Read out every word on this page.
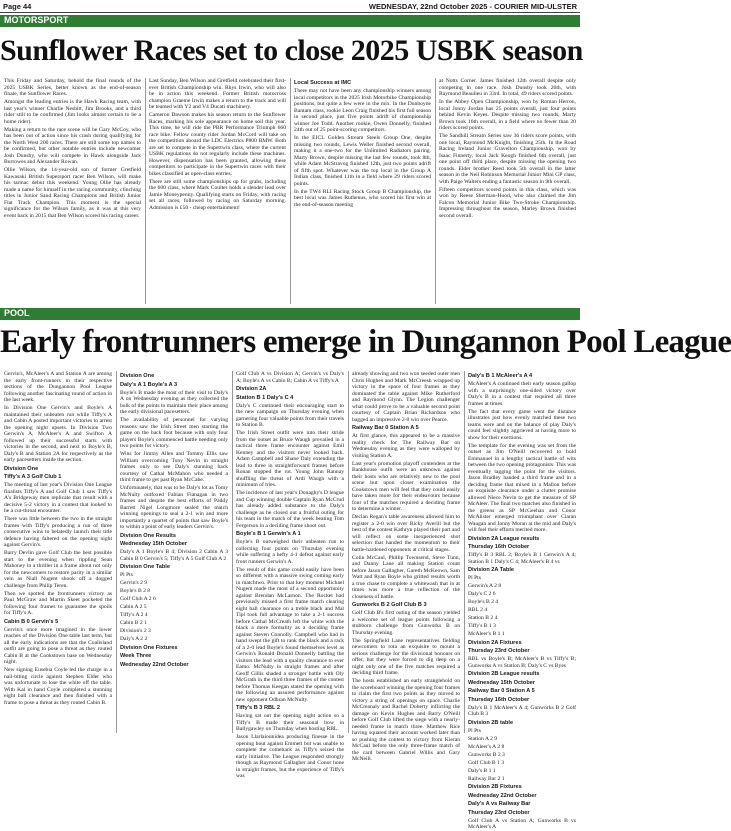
Page 44	WEDNESDAY, 22nd October 2025 - COURIER MID-ULSTER
MOTORSPORT
Sunflower Races set to close 2025 USBK season

This Friday and Saturday, behold the final rounds of the 2025 USBK Series, better known as the end-of-season finale, the Sunflower Races.

Amongst the leading entries is the Hawk Racing team, with last year's winner Charlie Nesbitt, Jim Brooks, and a third rider still to be confirmed (Jim looks almost certain to be a home rider).

Making a return to the race scene will be Gary McCoy, who has been out of action since his crash during qualifying for the North West 200 races. There are still some top names to be confirmed, but other notable entries include newcomer Josh Dunsby, who will compete in Hawk alongside Jack Burrowes and Alexander Rowan.

Ollie Wilson, the 14-year-old son of former Gretfield Kawasaki British Supersport racer Ben Wilson, will make his tarmac debut this weekend. Young Ollie has already made a name for himself in the racing community, clinching titles in Junior Sand Racing Champions and British Junior Flat Track Champion. This moment is the special significance for the Wilson family, as it was at this very event back in 2015 that Ben Wilson scored his racing career.

Last Sunday, Ben Wilson and Gretfield celebrated their first-ever British Championship win. Rhys Irwin, who will also be in action this weekend. Former British motocross champion Graeme Irwin makes a return to the track and will be teamed with Y2 and V4 Ducati machinery.

Cameron Dawson makes his season return to the Sunflower Races, marking his sole appearance on home soil this year. This time, he will ride the PBR Performance Triumph 660 race bike. Fellow county rider Jordan McCord will take on the competition aboard the LDC Electrics P800 BMW. Both are set to compete in the Supertwin class, where the current USBK regulations do not regularly include these machines. However, dispensation has been granted, allowing these competitors to participate in the Supertwin races with their bikes classified as open-class entries.

There are still some championships up for grabs, including the 600 class, where Mark Coulter holds a slender lead over Jamie Moneypenny. Qualifying starts on Friday, with racing set all races, followed by racing on Saturday morning. Admission is £50 - cheap entertainment!

Local Success at IMC

There may not have been any championship winners among local competitors in the 2025 Irish Motorbike Championship positions, but quite a few were in the mix. In the Dunboyne Bantam class, rookie Leon Craig finished his first full season in second place, just five points adrift of championship winner Joe Todd. Another rookie, Owen Donnelly, finished 24th out of 25 point-scoring competitors.

In the EICL Golden Stream Steels Group One, despite missing two rounds, Lewis Weller finished second overall, making it a one-two for the Unlimited Radiators pairing. Marty Brown, despite missing the last few rounds, took 8th, while Adam McStravog finished 12th, just two points adrift of fifth spot. Whatever was the top local in the Group A Indian class, finished 11th in a field where 29 riders scored points.

In the TW4 RLI Racing Stock Group B Championship, the best local was James Ruthenus, who scored his first win at the end-of-season meeting

at Notts Corner. James finished 12th overall despite only competing in one race. Josh Dunsby took 26th, with Raymond Beaulieu in 33rd. In total, 49 riders scored points.

In the Abbey Open Championship, won by Roman Herron, local Jonny Jordan has 25 points overall, just four points behind Kevin Keyes. Despite missing two rounds, Marty Brown took 16th overall, in a field where no fewer than 20 riders scored points.

The Sandhill Stream Series saw 36 riders score points, with one local, Raymond McKnight, finishing 25th. In the Road Racing Ireland Junior Gravelton Championship, won by Isaac Finnerty, local Jack Keogh finished 6th overall, just one point off third place, despite missing the opening two rounds. Elder brother Reed took 5th overall in the latter season in the Neil Robinson Memorial Junior Mini GP class, with Paige Walters ending a fantastic season in 9th overall.

Fifteen competitors scored points in this class, which was won by Reese Sherman-Hood, who also claimed the Jim Falcon Memorial Junior Bike Two-Stroke Championship. Impressing throughout the season, Marley Brown finished second overall.

POOL
Early frontrunners emerge in Dungannon Pool League

Gervin's, McAleer's A and Station A are among the early front-runners in their respective sections of the Dungannon Pool League following another fascinating round of action in the last week.

In Division One Gervin's and Boyle's A maintained their unbeaten run while Tiffy's A and Cabin A posted important victories to arrest the opening night upsets. In Division Two Gerwin's A, McAleer's A and Swifton A followed up their successful starts with victories in the second, and next to Boyle's B, Daly's B and Station 2A for respectively as the early pacesetters inside the section.

Division One

Tiffy's A 3 Golf Club 1

The meeting of last year's Division One League finalists Tiffy's A and Golf Club 1 saw Tiffy's A's Bridgeway men replicate that result with a decisive 5-2 victory in a contest that looked to be a cut-throat encounter.

There was little between the two in the straight frames with Tiffy's producing a run of three consecutive wins to belatedly launch their title defence having faltered on the opening night against Gervin's.

Barry Devlin gave Golf Club the best possible start to the evening when rippling Sean Mahoney in a thriller in a frame about not only for the newcomers to restore parity in a similar vein as Niall Nugent shook off a dogged challenge from Philip Teren.

Then we spotted the frontrunners victory as Paul McGraw and Martin Skeet pocketed the following four frames to guarantee the spoils for Tiffy's A.

Cabin B 0 Gervin's 5

Gervin's once more imagined in the lower reaches of the Division One table last term, but all the early indications are that the Coalisland outfit are going to pose a threat as they routed Cabin B at the Cookstown base on Wednesday night.

New signing Eusebia Coyle led the charge in a nail-biting circle against Stephen Elder who was unfortunate to lose the white off the table. With Kal in hand Coyle completed a stunning eight ball clearance and then finished with a frame to pose a threat as they routed Cabin B.

Division One

Daly's A 1 Boyle's A 3

Boyle's B made the most of their visit to Daly's A on Wednesday evening as they collected the bulk of the points to maintain their place among the early divisional pacesetters.

The availability of personnel for varying reasons saw the Irish Street men starting the game on the back foot because with only four players Boyle's commenced battle needing only two points for victory.

Wins for Jimmy Allen and Tommy Ellis saw William overcoming Tony Nevin in straight frames only to see Daly's stunning back courtesy of Cathal McMahon who needed a third frame to get past Ryan McCabe.

Unfortunately, that was to be Daly's lot as Tomy McNulty outfoxed Fabian Flanagan in two frames and despite the best efforts of Paddy Barrett Nigel Longmore sealed the match winning openings to seal a 2-1 win and more importantly a quartet of points that saw Boyle's to within a point of early leaders Gervin's.

Division One Results

Wednesday 15th October

Daly's A 1 Boyle's B 4; Division 2 Cabin A 3 Cabin B 0 Gervin's 5; Tiffy's A 5 Golf Club A 2

Division One Table

Pl Pts

Gervin's 2 9

Boyle's B 2 8

Golf Club A 2 6

Cabin A 2 5

Tiffy's A 2 4

Cabin B 2 1

Division's 2 3

Daly's A 2 2

Division One Fixtures

Week Three

Wednesday 22nd October

Golf Club A vs Division A; Gervin's vs Daly's A; Boyle's A vs Cabin B; Cabin A vs Tiffy's A

Division 2A

Station B 1 Daly's C 4

Daly's C continued their encouraging start to the new campaign on Thursday evening when garnering four valuable points from their travels to Station B.

The Irish Street outfit were into their stride from the outset as Bruce Waugh prevailed in a tactical three frame encounter against Emil Kenney and the visitors never looked back. Adam Campbell and Shane Daly extending the lead to three in straightforward frames before Ronan stopped the rot. Young John Rannay shuffling the threat of Ardi Waugh with a minimum of tries.

The incidence of last year's Donaghy's D league and Cup winning double Captain Ryan McCrud has already added substance to the Daly's challenge as he closed out a fruitful outing for his team in the match of the week beating Tom Fergerson in a deciding frame shoot out.

Boyle's B 1 Gerwin's A 1

Boyle's B outweighed their unbeaten run to collecting four points on Thursday evening while suffering a hefty 4-1 defeat against early front runners Gerwin's A.

The result of this game could easily have been so different with a massive swing coming early in matchtwo. Prior to that key moment Michael Nugent made the most of a second opportunity against Brendan McLarnon. The Rocket had previously missed a first frame match clearing eight ball clearance on a treble black and Mal Tipi took full advantage to take a 2-1 success before Cathal McCreath left the white with the black a mere formality as a deciding frame against Steven Connolly. Campbell who had in hand swept the gift to rank the black and a rack of a 2-0 lead Boyle's found themselves level as Gerwin's Ronald Donald Donnelly battling the visitors the lead with a quality clearance to ever Eamo. McNulty in straight frames and after Geoff Gillis shaded a stronger battle with Oly McGrath in the third three frames of the contest before Thomas Keegan stated the opening with the following an assured performance against new opponent Odhran McNulty.

Tiffy's B 3 RBL 2

Having sat out the opening night action so a Tiffy's B made their seasonal bow in Ballygawley on Thursday when hosting RBL.

Jason Llarlaiounidea producing finesse in the opening bout against Emmett but was unable to complete the comeback as Tiffy's seized the early initiative. The League responded strongly though as Raymond Gallagher and Conor hone in straight frames, but the experience of Tiffy's was

already showing and two won seeded outer men Chris Hughes and Mark McCreesh wrapped up victory in the space of four frames as they dominated the table against Mike Rutherford and Raymond Glynn. The Legion challenger what could prove to be a valuable second point courtesy of Captain Brian Richardson who bagged an impressive 2-0 win over Pearce.

Railway Bar 0 Station A 5

At first glance, this appeared to be a massive reality check for The Railway Bar on Wednesday evening as they were walloped by visiting Station A.

Last year's promotion playoff contenders at the Bankhouse outfit were an unknown against their hosts who are relatively new to the pool scene but upon closer examination the Cookstown men will feel that they could easily have taken more for their endeavours because four of the matches required a deciding frame to determine a winner.

Declan Regan's table awareness allowed him to register a 2-0 win over Ricky Averill but the best of the contest Kathryn played their part and will reflect on some inexperienced shot selection that handed the momentum to their battle-hardened opponents at critical stages.

Colin McCaul, Phillip Townsend, Steve Tunn, and Danny Lane all making Station count before Jason Gallagher, Gareth McKeown, Sam Watt and Ryan Boyle who gritted results worth a true chase to complete a whitewash that in at times was more a true reflection of the closeness of battle.

Gunworks B 2 Golf Club B 3

Golf Club B's first outing of the season yielded a welcome set of league points following a stubborn challenge from Gunworks B on Thursday evening.

The Springfield Lane representatives fielding newcomers to rota an exquisite to mount a serious challenge for the divisional honours on offer, but they were forced to dig deep on a night only one of the five matches required a deciding third frame.

The hosts established an early stranglehold on the scoreboard winning the opening four frames to claim the first two points as they moved to victory a string of openings on space. Charlie McCreanaly and Rachel Doherty inflicting the damage on Kevin Hughes and Barry O'Neill before Golf Club lifted the siege with a nearly-needed frame in match three. Matthew Rice having squared their account worked later than so pushing the contest to victory from Kieran McCaul before the only three-frame match of the card between Gabriel Willis and Gary McNeill.

Daly's B 1 McAleer's A 4

McAleer's A continued their early season gallop with a surprisingly one-sided victory over Daly's B in a contest that required all three frames at times.

The fact that every game went the distance illustrates just how evenly matched these two teams were and on the balance of play Daly's could feel slightly aggrieved at having more to show for their exertions.

The template for the evening was set from the outset as Jim O'Neill recovered to hold Emmanuel in a lengthy tactical battle of wits between the two opening protagonists. This was eventually tagging the point for the visitors. Jason Bradley handed a third frame and in a deciding frame that mixed in a Mallon before an exquisite clearance under a clutter promise allowed Niece Nevin to get the measure of SP McAleer. The final two matches also finished in the greens as SP McGeehan and Conor McAlister emerged triumphant over Ciaran Waugan and Jonny Moran at the mid and Daly's will feel their efforts merited more.

Division 2A League results

Thursday 16th October

Tiffy's B 3 RBL 2; Boyle's B 1 Gerwin's A 4; Station B 1 Daly's C 4; McAleer's B 4 vs

Division 2A Table

Pl Pts

Gerwin's A 2 8

Daly's C 2 6

Boyle's B 2 4

RBL 2 4

Station B 2 4

Tiffy's B 1 3

McAleer's B 1 1

Division 2A Fixtures

Thursday 23rd October

RBL vs Boyle's B; McAleer's B vs Tiffy's B; Gunworks A vs Station B; Daly's C vs Byes

Division 2B League results

Wednesday 15th October

Railway Bar 0 Station A 5

Thursday 16th October

Daly's B 1 McAleer's A 4; Gunworks B 2 Golf Club B 3

Division 2B table

Pl Pts

Station A 2 9

McAleer's A 2 8

Gunworks B 2 3

Golf Club B 1 3

Daly's B 1 1

Railway Bar 2 1

Division 2B Fixtures

Wednesday 22nd October

Daly's A vs Railway Bar

Thursday 23rd October

Golf Club A vs Station A; Gunworks B vs McAleer's A
